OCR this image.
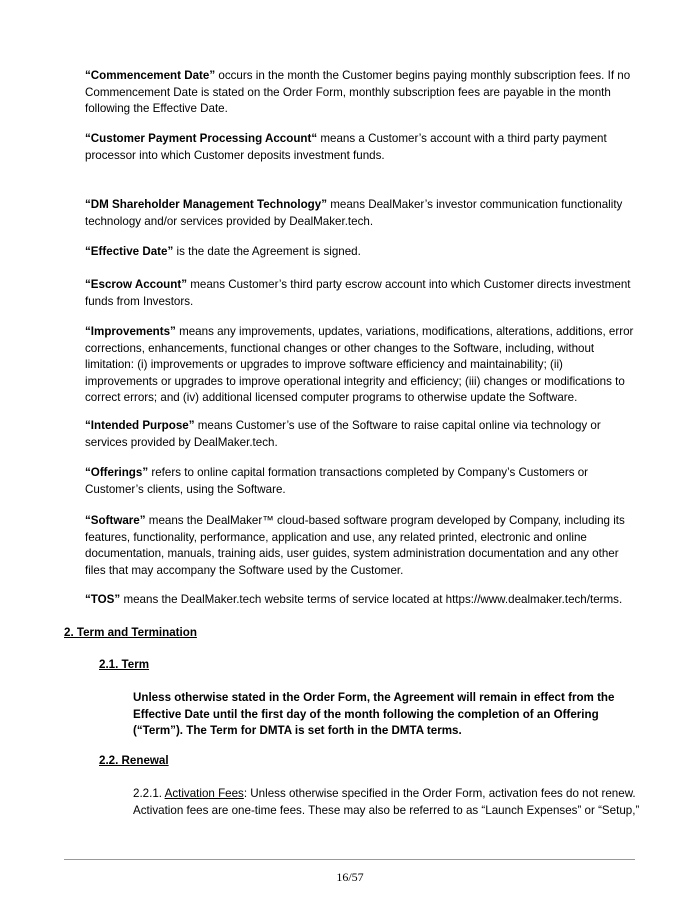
“Commencement Date” occurs in the month the Customer begins paying monthly subscription fees. If no Commencement Date is stated on the Order Form, monthly subscription fees are payable in the month following the Effective Date.

“Customer Payment Processing Account“ means a Customer’s account with a third party payment processor into which Customer deposits investment funds.

“DM Shareholder Management Technology” means DealMaker’s investor communication functionality technology and/or services provided by DealMaker.tech.

“Effective Date” is the date the Agreement is signed.

“Escrow Account” means Customer’s third party escrow account into which Customer directs investment funds from Investors.

“Improvements” means any improvements, updates, variations, modifications, alterations, additions, error corrections, enhancements, functional changes or other changes to the Software, including, without limitation: (i) improvements or upgrades to improve software efficiency and maintainability; (ii) improvements or upgrades to improve operational integrity and efficiency; (iii) changes or modifications to correct errors; and (iv) additional licensed computer programs to otherwise update the Software.

“Intended Purpose” means Customer’s use of the Software to raise capital online via technology or services provided by DealMaker.tech.

“Offerings” refers to online capital formation transactions completed by Company’s Customers or Customer’s clients, using the Software.

“Software” means the DealMaker™ cloud-based software program developed by Company, including its features, functionality, performance, application and use, any related printed, electronic and online documentation, manuals, training aids, user guides, system administration documentation and any other files that may accompany the Software used by the Customer.

“TOS” means the DealMaker.tech website terms of service located at https://www.dealmaker.tech/terms.

2. Term and Termination

2.1. Term

Unless otherwise stated in the Order Form, the Agreement will remain in effect from the Effective Date until the first day of the month following the completion of an Offering (“Term”). The Term for DMTA is set forth in the DMTA terms.

2.2. Renewal

2.2.1. Activation Fees: Unless otherwise specified in the Order Form, activation fees do not renew. Activation fees are one-time fees. These may also be referred to as “Launch Expenses” or “Setup,”

16/57
